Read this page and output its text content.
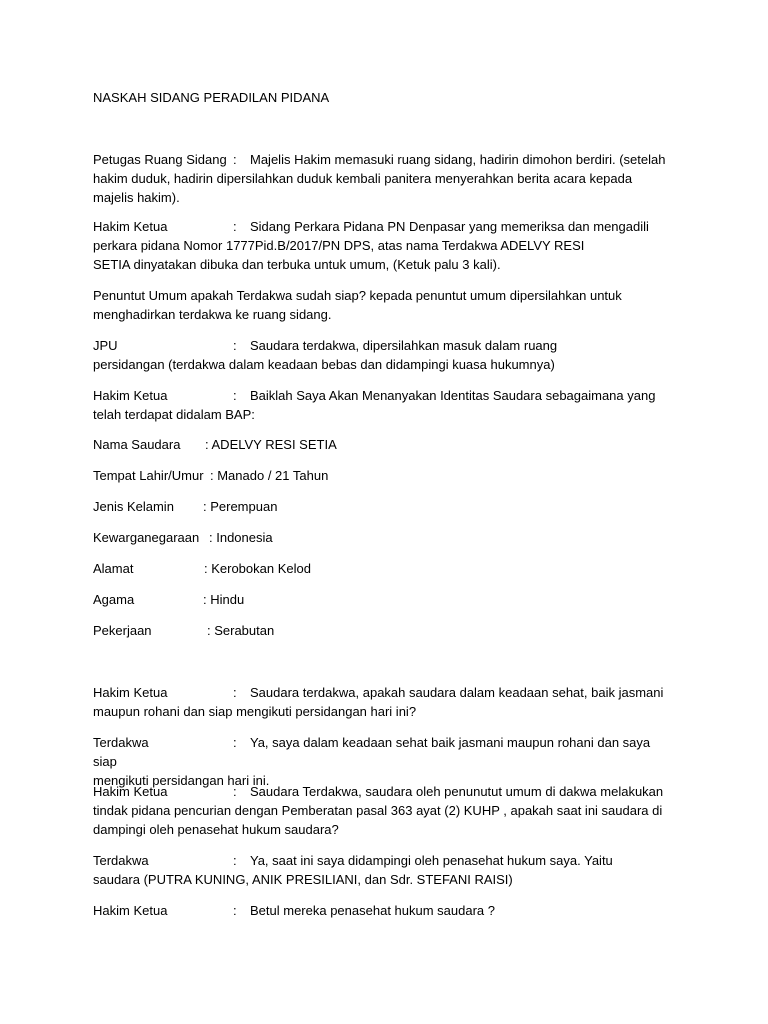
NASKAH SIDANG PERADILAN PIDANA

Petugas Ruang Sidang : Majelis Hakim memasuki ruang sidang, hadirin dimohon berdiri. (setelah

hakim duduk, hadirin dipersilahkan duduk kembali panitera menyerahkan berita acara kepada

majelis hakim).

Hakim Ketua	: Sidang Perkara Pidana PN Denpasar yang memeriksa dan mengadili

perkara pidana Nomor 1777Pid.B/2017/PN DPS, atas nama Terdakwa ADELVY RESI

SETIA dinyatakan dibuka dan terbuka untuk umum, (Ketuk palu 3 kali).

Penuntut Umum apakah Terdakwa sudah siap? kepada penuntut umum dipersilahkan untuk

menghadirkan terdakwa ke ruang sidang.

JPU	: Saudara terdakwa, dipersilahkan masuk dalam ruang

persidangan (terdakwa dalam keadaan bebas dan didampingi kuasa hukumnya)

Hakim Ketua	: Baiklah Saya Akan Menanyakan Identitas Saudara sebagaimana yang

telah terdapat didalam BAP:

Nama Saudara : ADELVY RESI SETIA
Tempat Lahir/Umur : Manado / 21 Tahun
Jenis Kelamin : Perempuan
Kewarganegaraan : Indonesia
Alamat	: Kerobokan Kelod
Agama	: Hindu
Pekerjaan	: Serabutan

Hakim Ketua	: Saudara terdakwa, apakah saudara dalam keadaan sehat, baik jasmani

maupun rohani dan siap mengikuti persidangan hari ini?

Terdakwa	: Ya, saya dalam keadaan sehat baik jasmani maupun rohani dan saya siap

mengikuti persidangan hari ini.

Hakim Ketua	: Saudara Terdakwa, saudara oleh penunutut umum di dakwa melakukan

tindak pidana pencurian dengan Pemberatan pasal 363 ayat (2) KUHP , apakah saat ini saudara di

dampingi oleh penasehat hukum saudara?

Terdakwa	: Ya, saat ini saya didampingi oleh penasehat hukum saya. Yaitu

saudara (PUTRA KUNING, ANIK PRESILIANI, dan Sdr. STEFANI RAISI)

Hakim Ketua	: Betul mereka penasehat hukum saudara ?
